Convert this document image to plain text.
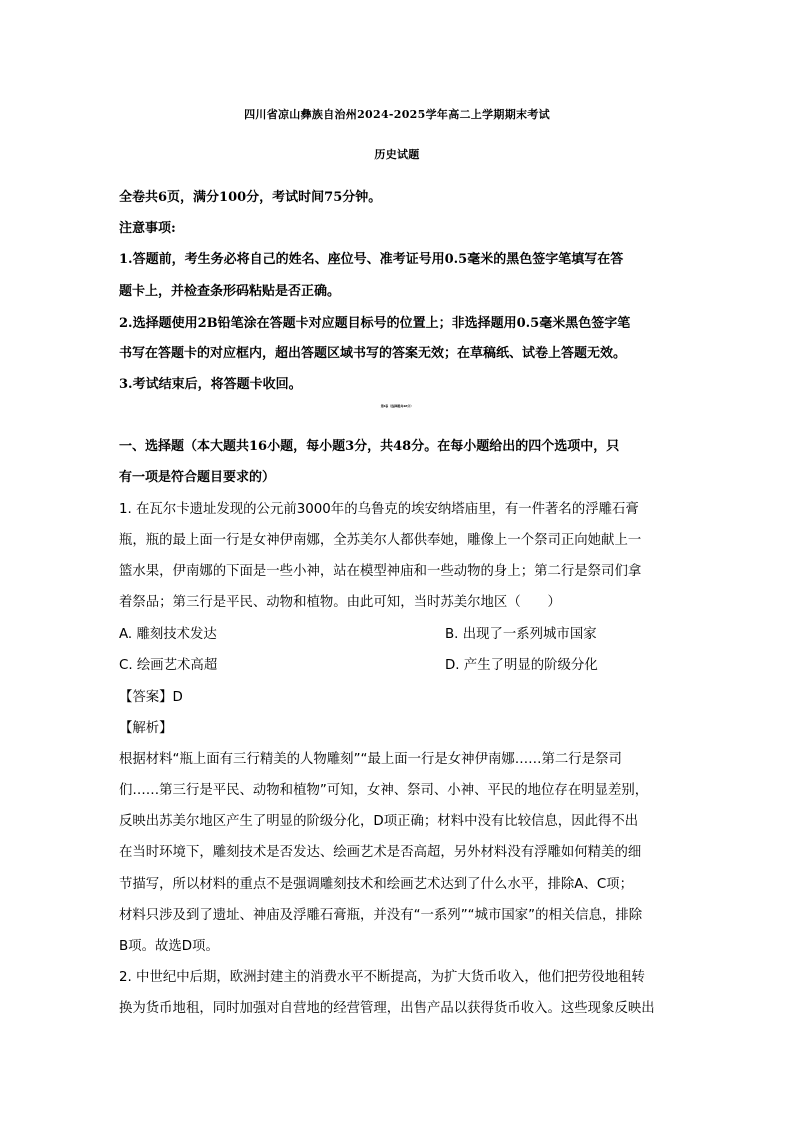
四川省凉山彝族自治州2024-2025学年高二上学期期末考试
历史试题
全卷共6页，满分100分，考试时间75分钟。
注意事项:
1.答题前，考生务必将自己的姓名、座位号、准考证号用0.5毫米的黑色签字笔填写在答
题卡上，并检查条形码粘贴是否正确。
2.选择题使用2B铅笔涂在答题卡对应题目标号的位置上；非选择题用0.5毫米黑色签字笔
书写在答题卡的对应框内，超出答题区域书写的答案无效；在草稿纸、试卷上答题无效。
3.考试结束后，将答题卡收回。
第Ⅰ卷（选择题共48分）
一、选择题（本大题共16小题，每小题3分，共48分。在每小题给出的四个选项中，只
有一项是符合题目要求的）
1. 在瓦尔卡遗址发现的公元前3000年的乌鲁克的埃安纳塔庙里，有一件著名的浮雕石膏
瓶，瓶的最上面一行是女神伊南娜，全苏美尔人都供奉她，雕像上一个祭司正向她献上一
篮水果，伊南娜的下面是一些小神，站在模型神庙和一些动物的身上；第二行是祭司们拿
着祭品；第三行是平民、动物和植物。由此可知，当时苏美尔地区（　　）
A. 雕刻技术发达	B. 出现了一系列城市国家
C. 绘画艺术高超	D. 产生了明显的阶级分化
【答案】D
【解析】
根据材料“瓶上面有三行精美的人物雕刻”“最上面一行是女神伊南娜……第二行是祭司
们……第三行是平民、动物和植物”可知，女神、祭司、小神、平民的地位存在明显差别，
反映出苏美尔地区产生了明显的阶级分化，D项正确；材料中没有比较信息，因此得不出
在当时环境下，雕刻技术是否发达、绘画艺术是否高超，另外材料没有浮雕如何精美的细
节描写，所以材料的重点不是强调雕刻技术和绘画艺术达到了什么水平，排除A、C项；
材料只涉及到了遗址、神庙及浮雕石膏瓶，并没有“一系列”“城市国家”的相关信息，排除
B项。故选D项。
2. 中世纪中后期，欧洲封建主的消费水平不断提高，为扩大货币收入，他们把劳役地租转
换为货币地租，同时加强对自营地的经营管理，出售产品以获得货币收入。这些现象反映出
